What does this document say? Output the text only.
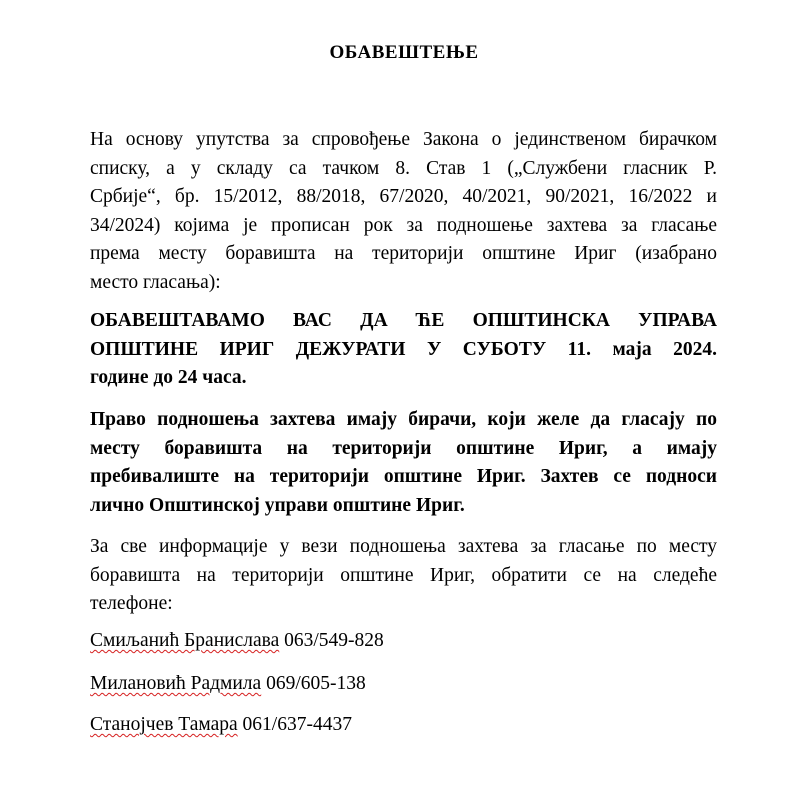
ОБАВЕШТЕЊЕ
На основу упутства за спровођење Закона о јединственом бирачком
списку, а у складу са тачком 8. Став 1 („Службени гласник Р.
Србије“, бр. 15/2012, 88/2018, 67/2020, 40/2021, 90/2021, 16/2022 и
34/2024) којима је прописан рок за подношење захтева за гласање
према месту боравишта на територији општине Ириг (изабрано
место гласања):
ОБАВЕШТАВАМО ВАС ДА ЋЕ ОПШТИНСКА УПРАВА
ОПШТИНЕ ИРИГ ДЕЖУРАТИ У СУБОТУ 11. маја 2024.
године до 24 часа.
Право подношења захтева имају бирачи, који желе да гласају по
месту боравишта на територији општине Ириг, а имају
пребивалиште на територији општине Ириг. Захтев се подноси
лично Општинској управи општине Ириг.
За све информације у вези подношења захтева за гласање по месту
боравишта на територији општине Ириг, обратити се на следеће
телефоне:
Смиљанић Бранислава 063/549-828
Милановић Радмила 069/605-138
Станојчев Тамара 061/637-4437
